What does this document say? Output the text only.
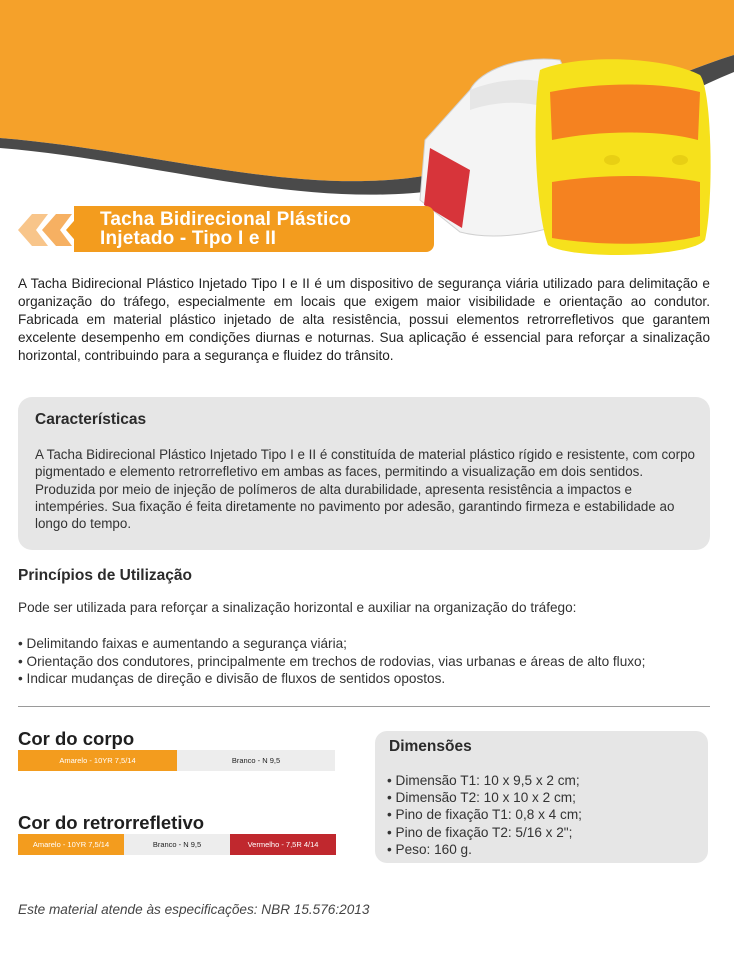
Tacha Bidirecional Plástico
Injetado - Tipo I e II

A Tacha Bidirecional Plástico Injetado Tipo I e II é um dispositivo de segurança viária utilizado para delimitação e organização do tráfego, especialmente em locais que exigem maior visibilidade e orientação ao condutor. Fabricada em material plástico injetado de alta resistência, possui elementos retrorrefletivos que garantem excelente desempenho em condições diurnas e noturnas. Sua aplicação é essencial para reforçar a sinalização horizontal, contribuindo para a segurança e fluidez do trânsito.

Características

A Tacha Bidirecional Plástico Injetado Tipo I e II é constituída de material plástico rígido e resistente, com corpo pigmentado e elemento retrorrefletivo em ambas as faces, permitindo a visualização em dois sentidos. Produzida por meio de injeção de polímeros de alta durabilidade, apresenta resistência a impactos e intempéries. Sua fixação é feita diretamente no pavimento por adesão, garantindo firmeza e estabilidade ao longo do tempo.

Princípios de Utilização
Pode ser utilizada para reforçar a sinalização horizontal e auxiliar na organização do tráfego:
• Delimitando faixas e aumentando a segurança viária;
• Orientação dos condutores, principalmente em trechos de rodovias, vias urbanas e áreas de alto fluxo;
• Indicar mudanças de direção e divisão de fluxos de sentidos opostos.
Cor do corpo
Amarelo - 10YR 7,5/14	Branco - N 9,5
Cor do retrorrefletivo
Amarelo - 10YR 7,5/14	Branco - N 9,5	Vermelho - 7,5R 4/14
Dimensões
• Dimensão T1: 10 x 9,5 x 2 cm;
• Dimensão T2: 10 x 10 x 2 cm;
• Pino de fixação T1: 0,8 x 4 cm;
• Pino de fixação T2: 5/16 x 2";
• Peso: 160 g.
Este material atende às especificações: NBR 15.576:2013
